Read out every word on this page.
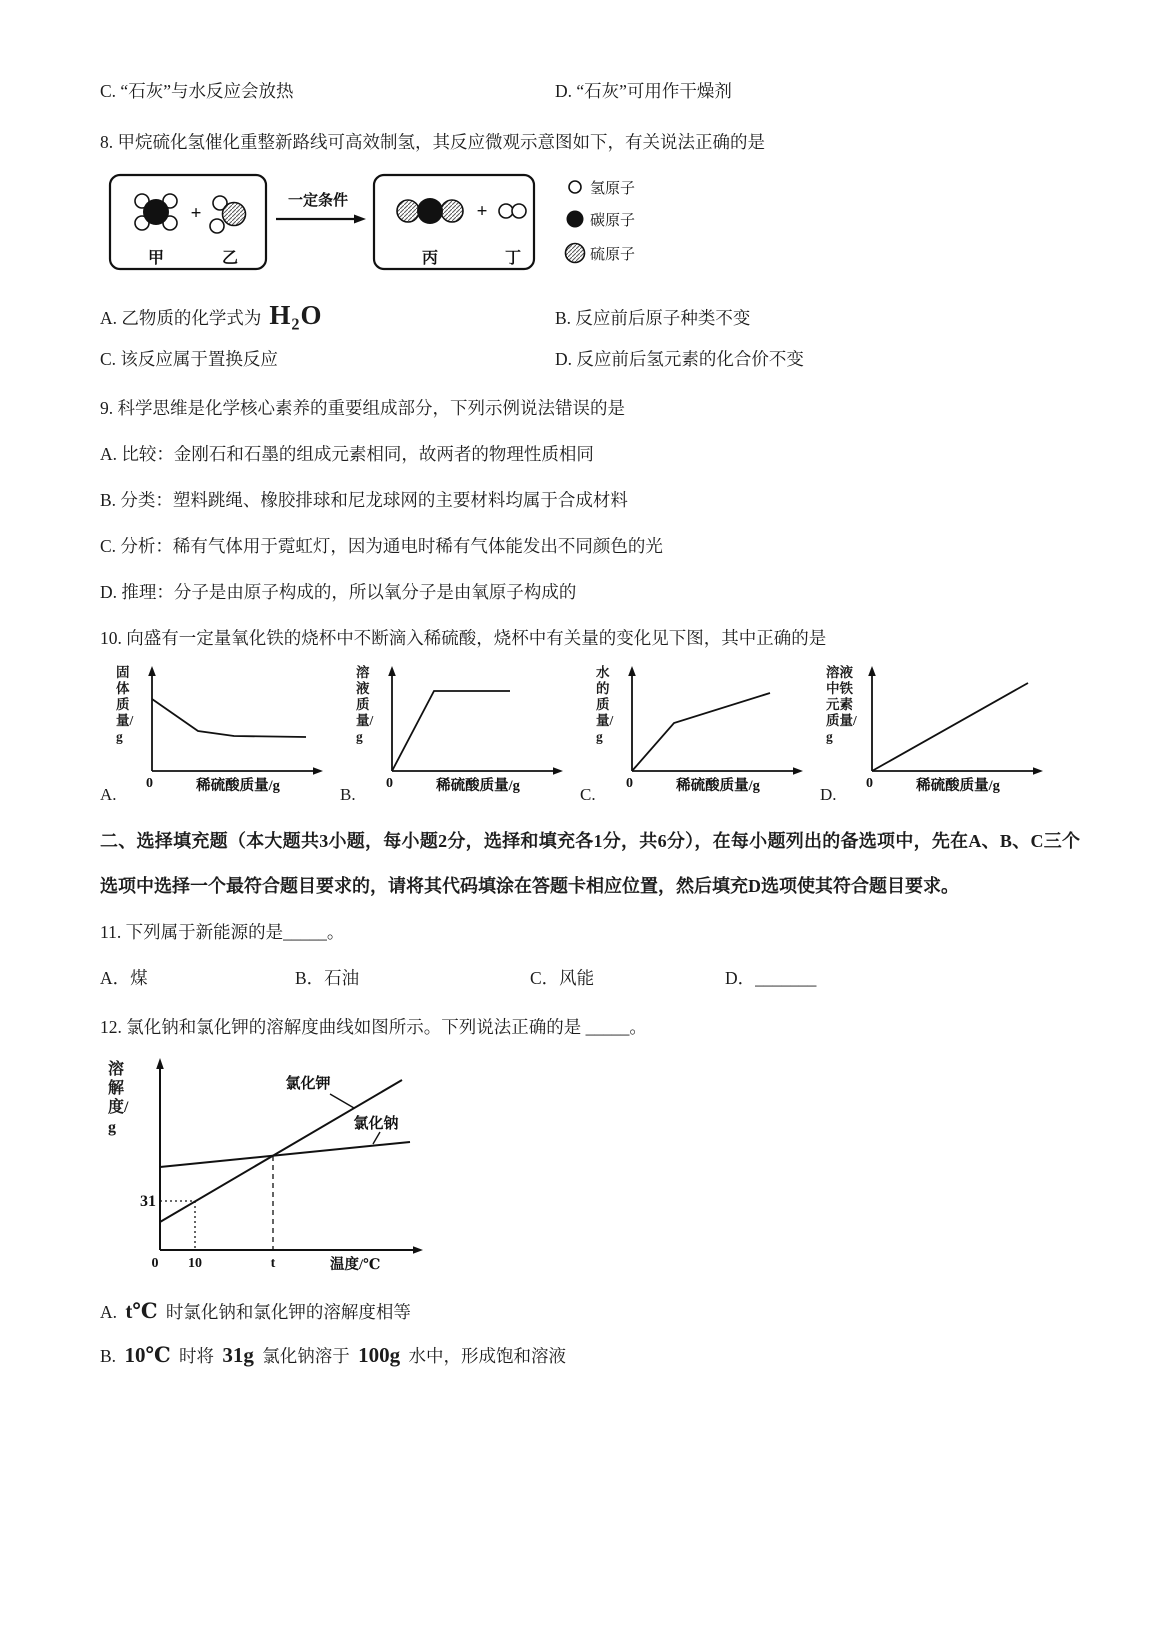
C. “石灰”与水反应会放热	D. “石灰”可用作干燥剂
8. 甲烷硫化氢催化重整新路线可高效制氢，其反应微观示意图如下，有关说法正确的是
甲
+
乙
一定条件
丙
+
丁
氢原子
碳原子
硫原子
A. 乙物质的化学式为 H₂O	B. 反应前后原子种类不变
C. 该反应属于置换反应	D. 反应前后氢元素的化合价不变
9. 科学思维是化学核心素养的重要组成部分，下列示例说法错误的是
A. 比较：金刚石和石墨的组成元素相同，故两者的物理性质相同
B. 分类：塑料跳绳、橡胶排球和尼龙球网的主要材料均属于合成材料
C. 分析：稀有气体用于霓虹灯，因为通电时稀有气体能发出不同颜色的光
D. 推理：分子是由原子构成的，所以氧分子是由氧原子构成的
10. 向盛有一定量氧化铁的烧杯中不断滴入稀硫酸，烧杯中有关量的变化见下图，其中正确的是
A.
固体质量/g
0	稀硫酸质量/g	B.
溶液质量/g
0	稀硫酸质量/g	C.
水的质量/g
0	稀硫酸质量/g	D.
溶液中铁元素质量/g
0	稀硫酸质量/g
二、选择填充题（本大题共3小题，每小题2分，选择和填充各1分，共6分），在每小题列出的备选项中，先在A、B、C三个选项中选择一个最符合题目要求的，请将其代码填涂在答题卡相应位置，然后填充D选项使其符合题目要求。
11. 下列属于新能源的是_____。
A．煤	B．石油	C．风能	D．_______
12. 氯化钠和氯化钾的溶解度曲线如图所示。下列说法正确的是 _____。
溶解度/g
氯化钾
氯化钠
31
0 10	t	温度/℃
A. t℃ 时氯化钠和氯化钾的溶解度相等
B. 10℃ 时将 31g 氯化钠溶于 100g 水中，形成饱和溶液
